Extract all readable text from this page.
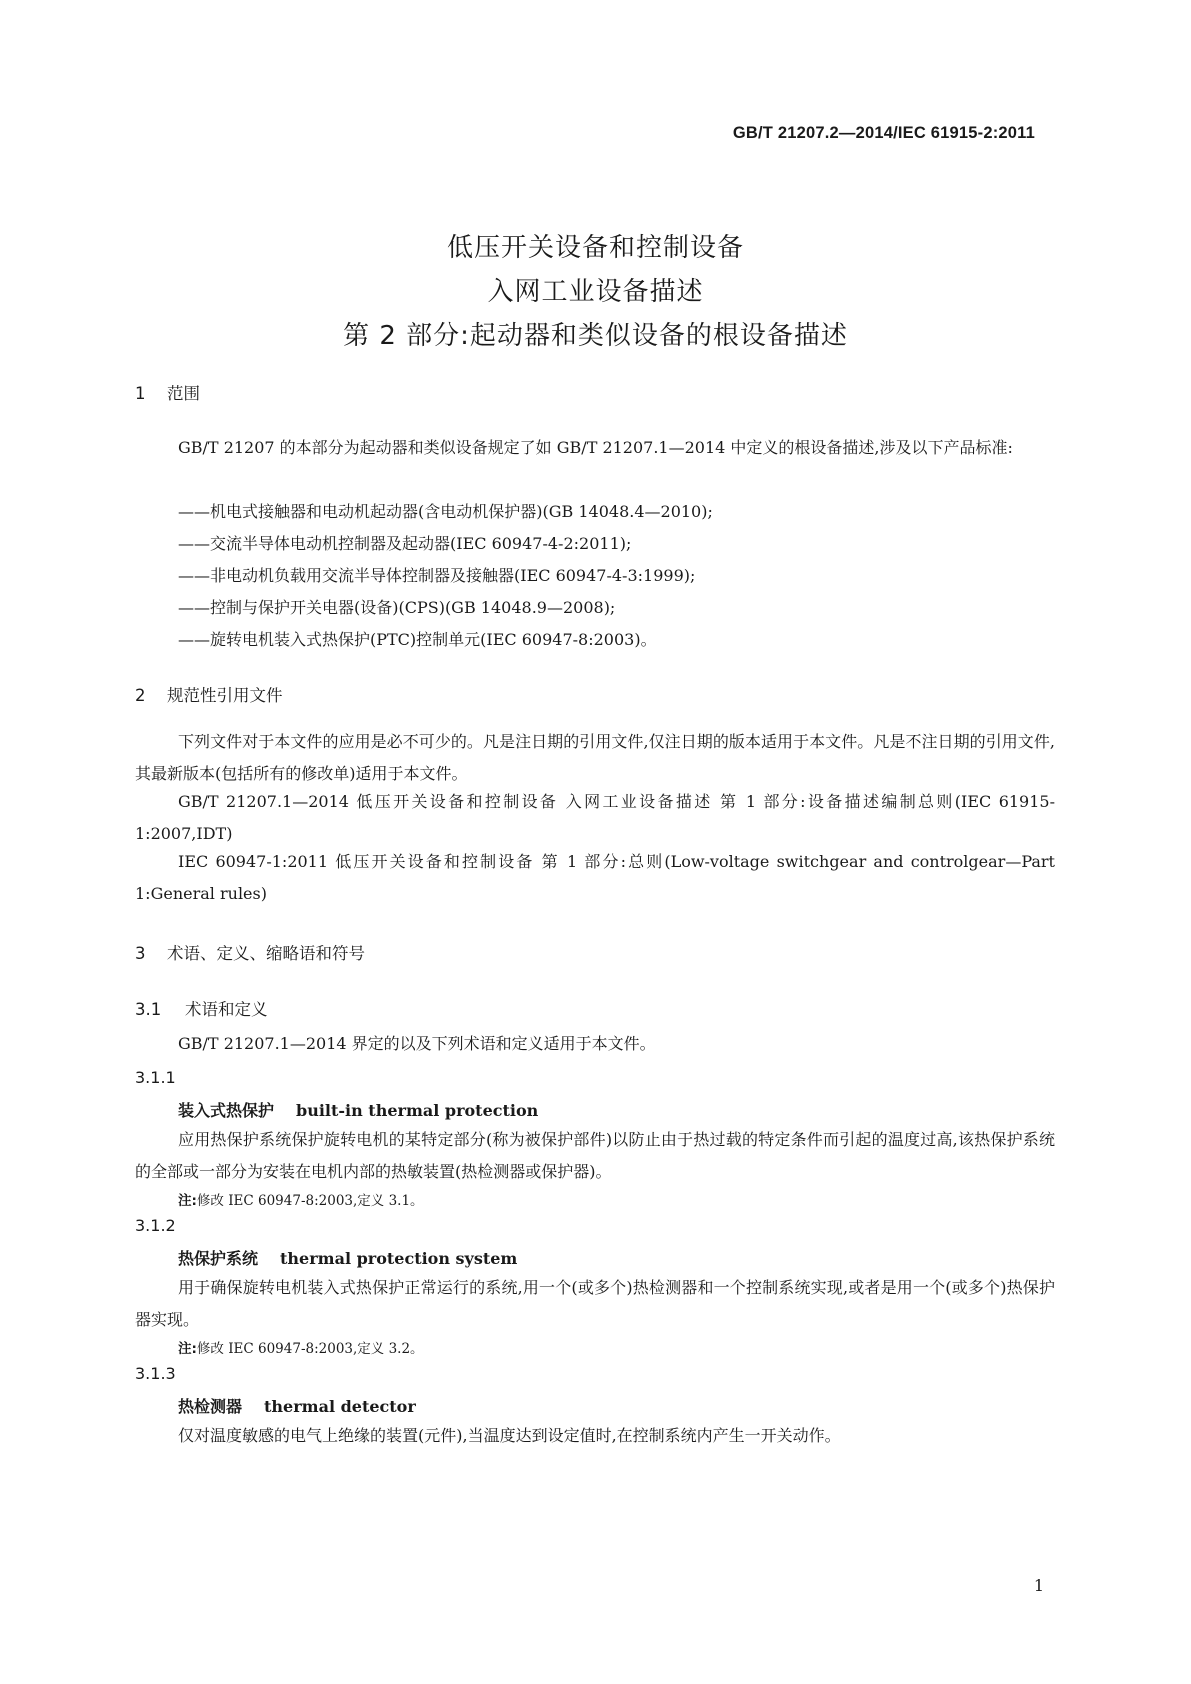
GB/T 21207.2—2014/IEC 61915-2:2011
低压开关设备和控制设备
入网工业设备描述
第 2 部分:起动器和类似设备的根设备描述
1 范围
GB/T 21207 的本部分为起动器和类似设备规定了如 GB/T 21207.1—2014 中定义的根设备描述,涉及以下产品标准:
——机电式接触器和电动机起动器(含电动机保护器)(GB 14048.4—2010);
——交流半导体电动机控制器及起动器(IEC 60947-4-2:2011);
——非电动机负载用交流半导体控制器及接触器(IEC 60947-4-3:1999);
——控制与保护开关电器(设备)(CPS)(GB 14048.9—2008);
——旋转电机装入式热保护(PTC)控制单元(IEC 60947-8:2003)。
2 规范性引用文件
下列文件对于本文件的应用是必不可少的。凡是注日期的引用文件,仅注日期的版本适用于本文件。凡是不注日期的引用文件,其最新版本(包括所有的修改单)适用于本文件。
GB/T 21207.1—2014 低压开关设备和控制设备 入网工业设备描述 第 1 部分:设备描述编制总则(IEC 61915-1:2007,IDT)
IEC 60947-1:2011 低压开关设备和控制设备 第 1 部分:总则(Low-voltage switchgear and controlgear—Part 1:General rules)
3 术语、定义、缩略语和符号
3.1 术语和定义
GB/T 21207.1—2014 界定的以及下列术语和定义适用于本文件。
3.1.1
装入式热保护 built-in thermal protection
应用热保护系统保护旋转电机的某特定部分(称为被保护部件)以防止由于热过载的特定条件而引起的温度过高,该热保护系统的全部或一部分为安装在电机内部的热敏装置(热检测器或保护器)。
注:修改 IEC 60947-8:2003,定义 3.1。
3.1.2
热保护系统 thermal protection system
用于确保旋转电机装入式热保护正常运行的系统,用一个(或多个)热检测器和一个控制系统实现,或者是用一个(或多个)热保护器实现。
注:修改 IEC 60947-8:2003,定义 3.2。
3.1.3
热检测器 thermal detector
仅对温度敏感的电气上绝缘的装置(元件),当温度达到设定值时,在控制系统内产生一开关动作。
1
